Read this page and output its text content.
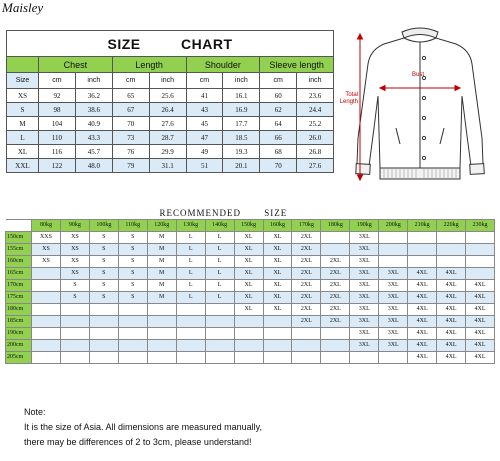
Maisley
SIZE CHART								
	Chest		Length		Shoulder		Sleeve length	
Size	cm	inch	cm	inch	cm	inch	cm	inch
XS	92	36.2	65	25.6	41	16.1	60	23.6
S	98	38.6	67	26.4	43	16.9	62	24.4
M	104	40.9	70	27.6	45	17.7	64	25.2
L	110	43.3	73	28.7	47	18.5	66	26.0
XL	116	45.7	76	29.9	49	19.3	68	26.8
XXL	122	48.0	79	31.1	51	20.1	70	27.6
Bust
Total
Length
	RECOMMENDED SIZE															
	80kg	90kg	100kg	110kg	120kg	130kg	140kg	150kg	160kg	170kg	180kg	190kg	200kg	210kg	220kg	230kg
150cm	XXS	XS	S	S	M	L	L	XL	XL	2XL		3XL				
155cm	XS	XS	S	S	M	L	L	XL	XL	2XL		3XL				
160cm	XS	XS	S	S	M	L	L	XL	XL	2XL	2XL	3XL				
165cm		XS	S	S	M	L	L	XL	XL	2XL	2XL	3XL	3XL	4XL	4XL	
170cm		S	S	S	M	L	L	XL	XL	2XL	2XL	3XL	3XL	4XL	4XL	4XL
175cm		S	S	S	M	L	L	XL	XL	2XL	2XL	3XL	3XL	4XL	4XL	4XL
180cm								XL	XL	2XL	2XL	3XL	3XL	4XL	4XL	4XL
185cm										2XL	2XL	3XL	3XL	4XL	4XL	4XL
190cm												3XL	3XL	4XL	4XL	4XL
200cm												3XL	3XL	4XL	4XL	4XL
205cm														4XL	4XL	4XL
Note:
It is the size of Asia. All dimensions are measured manually,
there may be differences of 2 to 3cm, please understand!
